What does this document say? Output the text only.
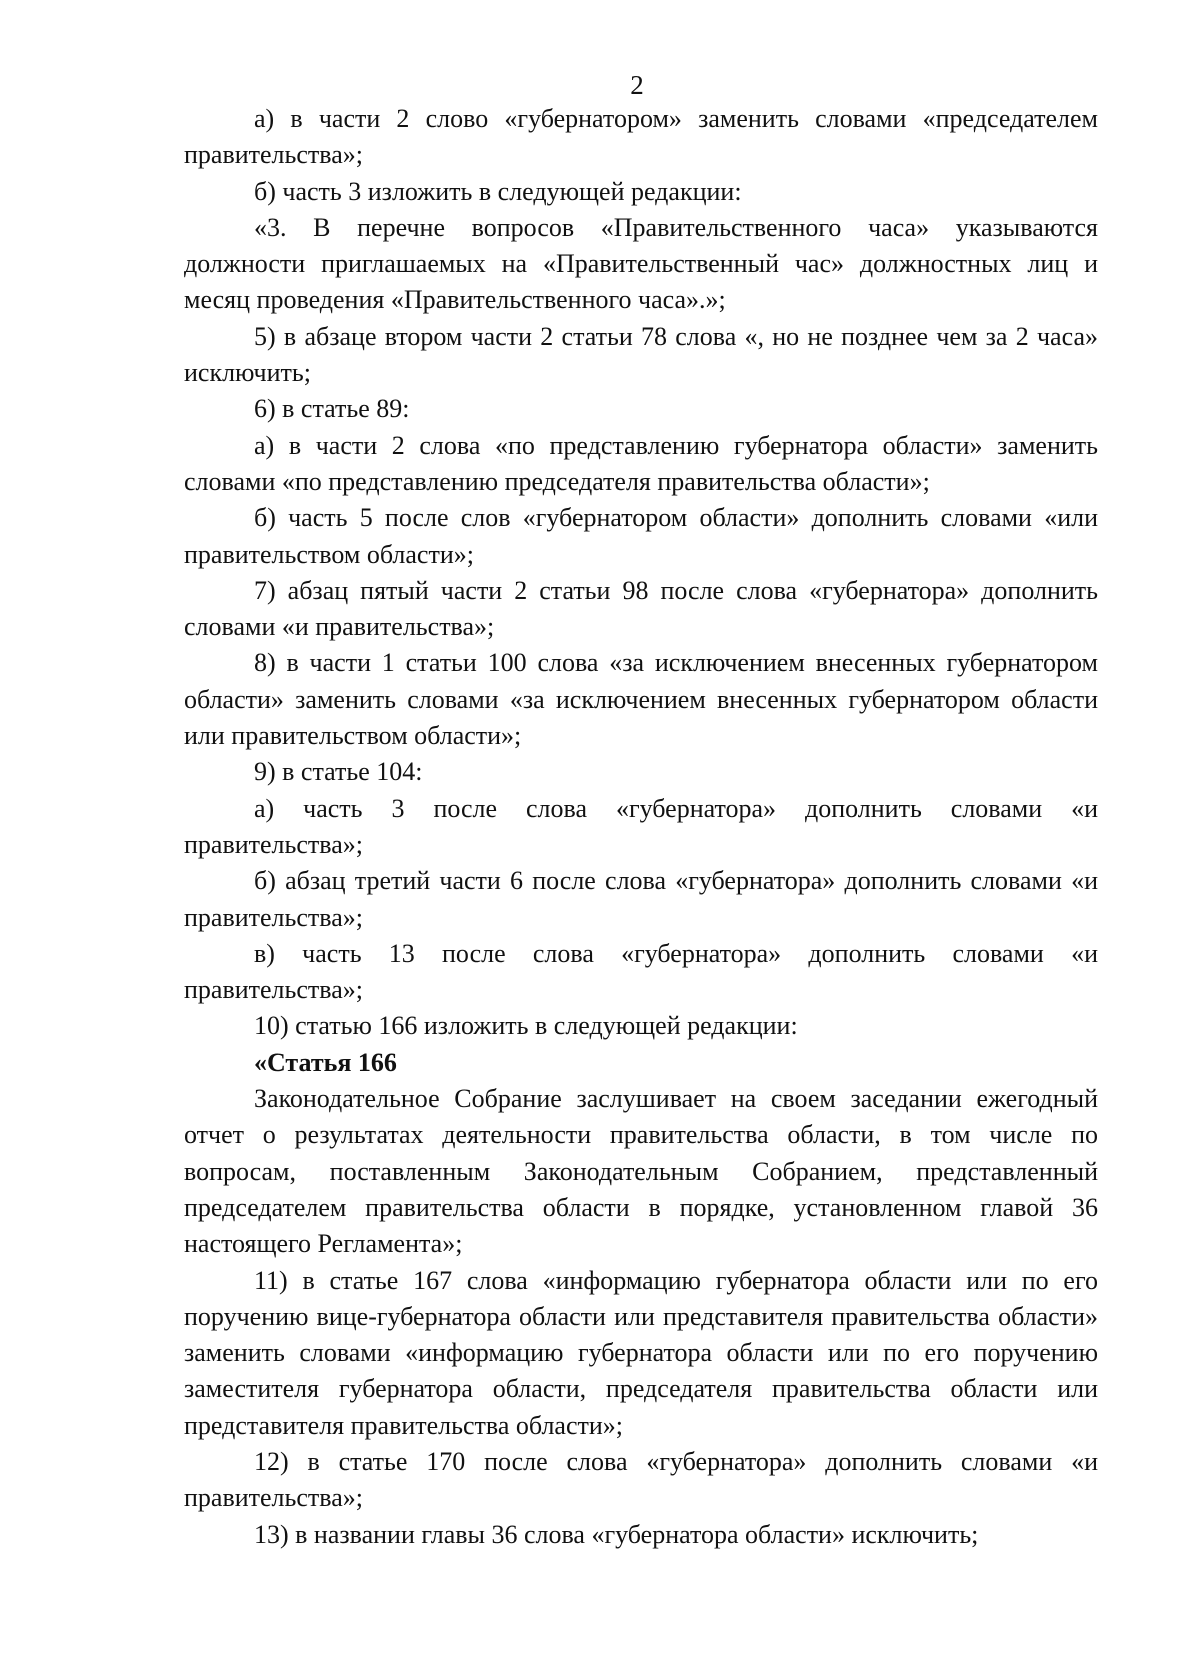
2

а) в части 2 слово «губернатором» заменить словами «председателем правительства»;

б) часть 3 изложить в следующей редакции:

«3. В перечне вопросов «Правительственного часа» указываются должности приглашаемых на «Правительственный час» должностных лиц и месяц проведения «Правительственного часа».»;

5) в абзаце втором части 2 статьи 78 слова «, но не позднее чем за 2 часа» исключить;

6) в статье 89:

а) в части 2 слова «по представлению губернатора области» заменить словами «по представлению председателя правительства области»;

б) часть 5 после слов «губернатором области» дополнить словами «или правительством области»;

7) абзац пятый части 2 статьи 98 после слова «губернатора» дополнить словами «и правительства»;

8) в части 1 статьи 100 слова «за исключением внесенных губернатором области» заменить словами «за исключением внесенных губернатором области или правительством области»;

9) в статье 104:

а) часть 3 после слова «губернатора» дополнить словами «и правительства»;

б) абзац третий части 6 после слова «губернатора» дополнить словами «и правительства»;

в) часть 13 после слова «губернатора» дополнить словами «и правительства»;

10) статью 166 изложить в следующей редакции:

«Статья 166

Законодательное Собрание заслушивает на своем заседании ежегодный отчет о результатах деятельности правительства области, в том числе по вопросам, поставленным Законодательным Собранием, представленный председателем правительства области в порядке, установленном главой 36 настоящего Регламента»;

11) в статье 167 слова «информацию губернатора области или по его поручению вице-губернатора области или представителя правительства области» заменить словами «информацию губернатора области или по его поручению заместителя губернатора области, председателя правительства области или представителя правительства области»;

12) в статье 170 после слова «губернатора» дополнить словами «и правительства»;

13) в названии главы 36 слова «губернатора области» исключить;
